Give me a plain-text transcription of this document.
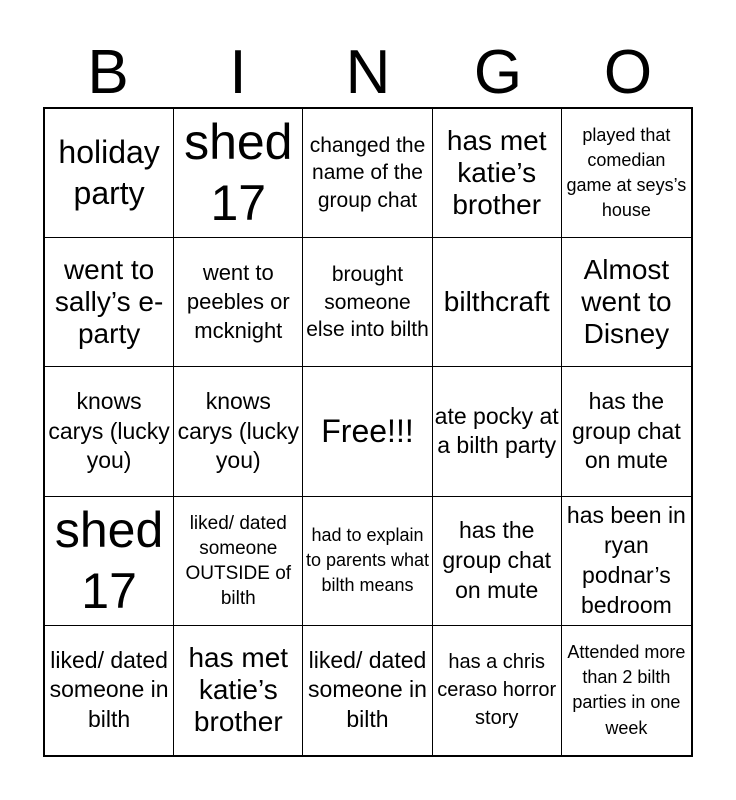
B	I	N	G	O
holiday party
shed 17
changed the name of the group chat
has met katie’s brother
played that comedian game at seys’s house
went to sally’s e-party
went to peebles or mcknight
brought someone else into bilth
bilthcraft
Almost went to Disney
knows carys (lucky you)
knows carys (lucky you)
Free!!! ate pocky at a bilth party
has the group chat on mute
shed 17
liked/ dated someone OUTSIDE of bilth
had to explain to parents what bilth means
has the group chat on mute
has been in ryan podnar’s bedroom
liked/ dated someone in bilth
has met katie’s brother
liked/ dated someone in bilth
has a chris ceraso horror story
Attended more than 2 bilth parties in one week
